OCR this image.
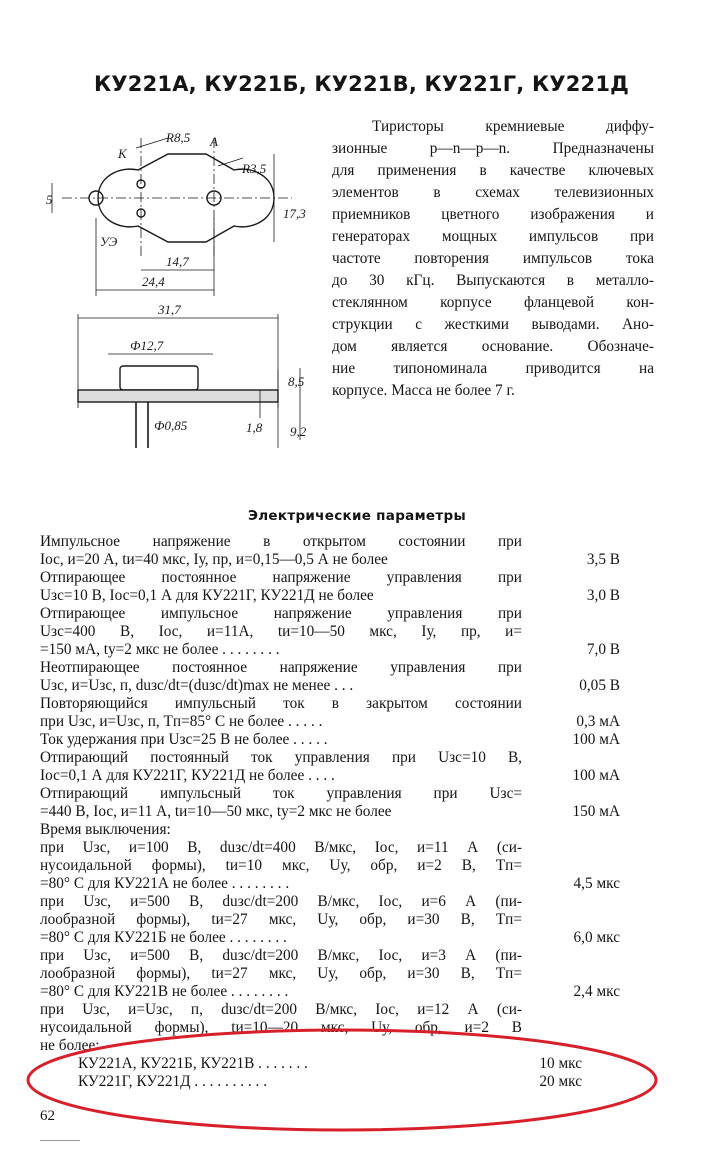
КУ221А, КУ221Б, КУ221В, КУ221Г, КУ221Д
R8,5 A
K
R3,5
5
УЭ
17,3
14,7
24,4
31,7
Ф12,7
8,5
1,8 9,2
Ф0,85
Тиристоры кремниевые диффу-
зионные p—n—p—n. Предназначены
для применения в качестве ключевых
элементов в схемах телевизионных
приемников цветного изображения и
генераторах мощных импульсов при
частоте повторения импульсов тока
до 30 кГц. Выпускаются в металло-
стеклянном корпусе фланцевой кон-
струкции с жесткими выводами. Ано-
дом является основание. Обозначе-
ние типономинала приводится на
корпусе. Масса не более 7 г.
Электрические параметры
Импульсное напряжение в открытом состоянии при
Iос, и=20 А, tи=40 мкс, Iу, пр, и=0,15—0,5 А не более	3,5 В
Отпирающее постоянное напряжение управления при
Uзс=10 В, Iос=0,1 А для КУ221Г, КУ221Д не более	3,0 В
Отпирающее импульсное напряжение управления при
Uзс=400 В, Iос, и=11А, tи=10—50 мкс, Iу, пр, и=
=150 мА, tу=2 мкс не более . . . . . . . .	7,0 В
Неотпирающее постоянное напряжение управления при
Uзс, и=Uзс, п, duзс/dt=(duзс/dt)max не менее . . .	0,05 В
Повторяющийся импульсный ток в закрытом состоянии
при Uзс, и=Uзс, п, Tп=85° С не более . . . . .	0,3 мА
Ток удержания при Uзс=25 В не более . . . . .	100 мА
Отпирающий постоянный ток управления при Uзс=10 В,
Iос=0,1 А для КУ221Г, КУ221Д не более . . . .	100 мА
Отпирающий импульсный ток управления при Uзс=
=440 В, Iос, и=11 А, tи=10—50 мкс, tу=2 мкс не более	150 мА
Время выключения:
при Uзс, и=100 В, duзс/dt=400 В/мкс, Iос, и=11 А (си-
нусоидальной формы), tи=10 мкс, Uу, обр, и=2 В, Tп=
=80° С для КУ221А не более . . . . . . . .	4,5 мкс
при Uзс, и=500 В, duзс/dt=200 В/мкс, Iос, и=6 А (пи-
лообразной формы), tи=27 мкс, Uу, обр, и=30 В, Tп=
=80° С для КУ221Б не более . . . . . . . .	6,0 мкс
при Uзс, и=500 В, duзс/dt=200 В/мкс, Iос, и=3 А (пи-
лообразной формы), tи=27 мкс, Uу, обр, и=30 В, Tп=
=80° С для КУ221В не более . . . . . . . .	2,4 мкс
при Uзс, и=Uзс, п, duзс/dt=200 В/мкс, Iос, и=12 А (си-
нусоидальной формы), tи=10—20 мкс, Uу, обр, и=2 В
не более:
КУ221А, КУ221Б, КУ221В . . . . . . .	10 мкс
КУ221Г, КУ221Д . . . . . . . . . .	20 мкс
62
